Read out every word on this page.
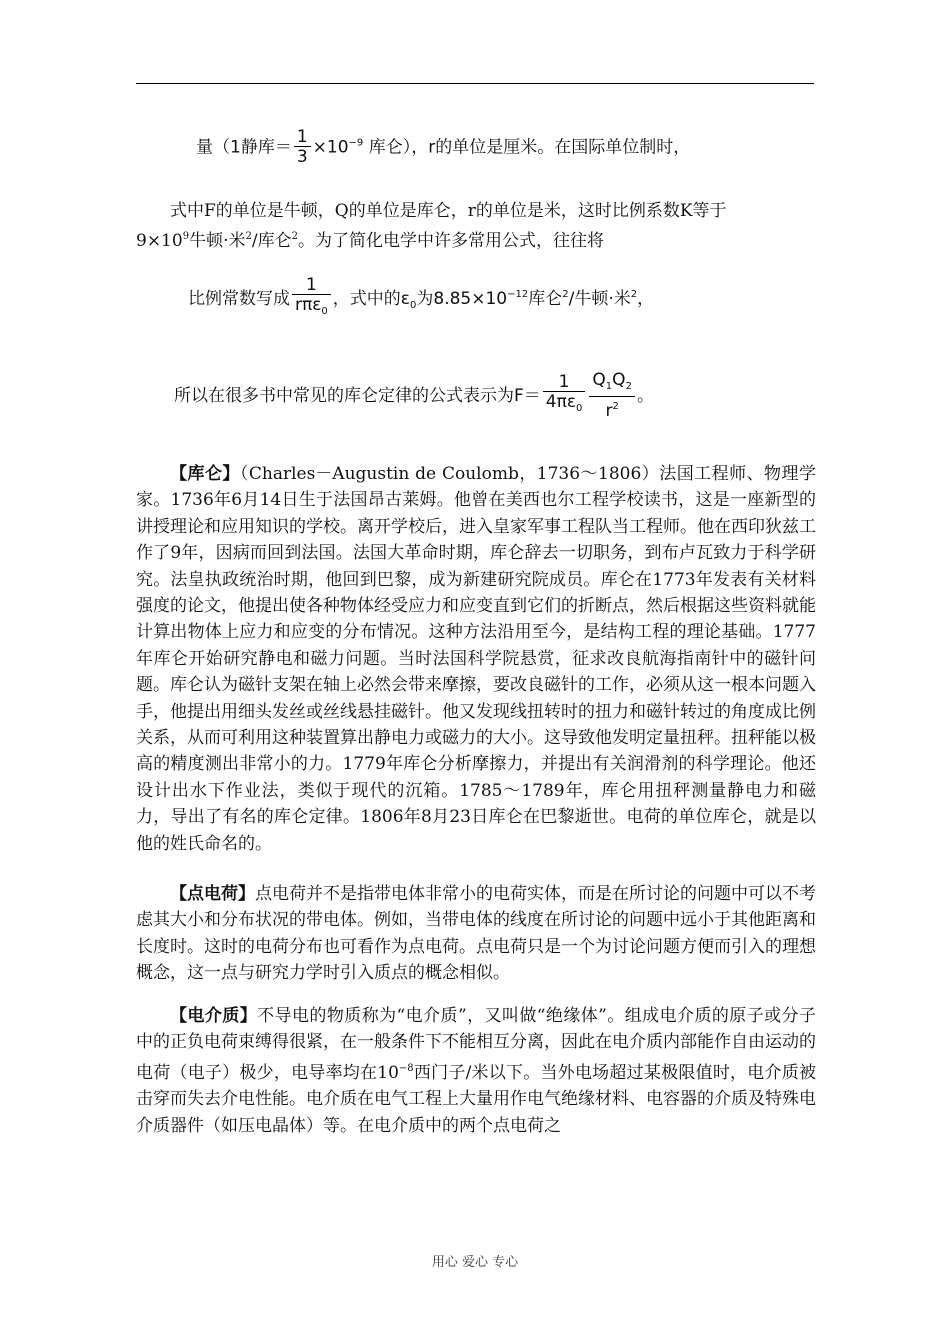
量（1静库＝ $\frac{1}{3} \times 10^{-9}$ 库仑），r的单位是厘米。在国际单位制时，
式中F的单位是牛顿，Q的单位是库仑，r的单位是米，这时比例系数K等于
$9\times 10^9$牛顿·米$^2$/库仑$^2$。为了简化电学中许多常用公式，往往将
比例常数写成 $\frac{1}{r\pi\varepsilon_0}$ ，式中的$\varepsilon_0$为$8.85\times 10^{-12}$库仑$^2$/牛顿·米$^2$，
所以在很多书中常见的库仑定律的公式表示为$F= \frac{1}{4\pi\varepsilon_0} \frac{Q_1Q_2}{r^2}$ 。
【库仑】（Charles－Augustin de Coulomb，1736～1806）法国工程师、物理学家。1736年6月14日生于法国昂古莱姆。他曾在美西也尔工程学校读书，这是一座新型的讲授理论和应用知识的学校。离开学校后，进入皇家军事工程队当工程师。他在西印狄兹工作了9年，因病而回到法国。法国大革命时期，库仑辞去一切职务，到布卢瓦致力于科学研究。法皇执政统治时期，他回到巴黎，成为新建研究院成员。库仑在1773年发表有关材料强度的论文，他提出使各种物体经受应力和应变直到它们的折断点，然后根据这些资料就能计算出物体上应力和应变的分布情况。这种方法沿用至今，是结构工程的理论基础。1777年库仑开始研究静电和磁力问题。当时法国科学院悬赏，征求改良航海指南针中的磁针问题。库仑认为磁针支架在轴上必然会带来摩擦，要改良磁针的工作，必须从这一根本问题入手，他提出用细头发丝或丝线悬挂磁针。他又发现线扭转时的扭力和磁针转过的角度成比例关系，从而可利用这种装置算出静电力或磁力的大小。这导致他发明定量扭秤。扭秤能以极高的精度测出非常小的力。1779年库仑分析摩擦力，并提出有关润滑剂的科学理论。他还设计出水下作业法，类似于现代的沉箱。1785～1789年，库仑用扭秤测量静电力和磁力，导出了有名的库仑定律。1806年8月23日库仑在巴黎逝世。电荷的单位库仑，就是以他的姓氏命名的。
【点电荷】点电荷并不是指带电体非常小的电荷实体，而是在所讨论的问题中可以不考虑其大小和分布状况的带电体。例如，当带电体的线度在所讨论的问题中远小于其他距离和长度时。这时的电荷分布也可看作为点电荷。点电荷只是一个为讨论问题方便而引入的理想概念，这一点与研究力学时引入质点的概念相似。
【电介质】不导电的物质称为“电介质”，又叫做“绝缘体”。组成电介质的原子或分子中的正负电荷束缚得很紧，在一般条件下不能相互分离，因此在电介质内部能作自由运动的电荷（电子）极少，电导率均在$10^{-8}$西门子/米以下。当外电场超过某极限值时，电介质被击穿而失去介电性能。电介质在电气工程上大量用作电气绝缘材料、电容器的介质及特殊电介质器件（如压电晶体）等。在电介质中的两个点电荷之
用心 爱心 专心
